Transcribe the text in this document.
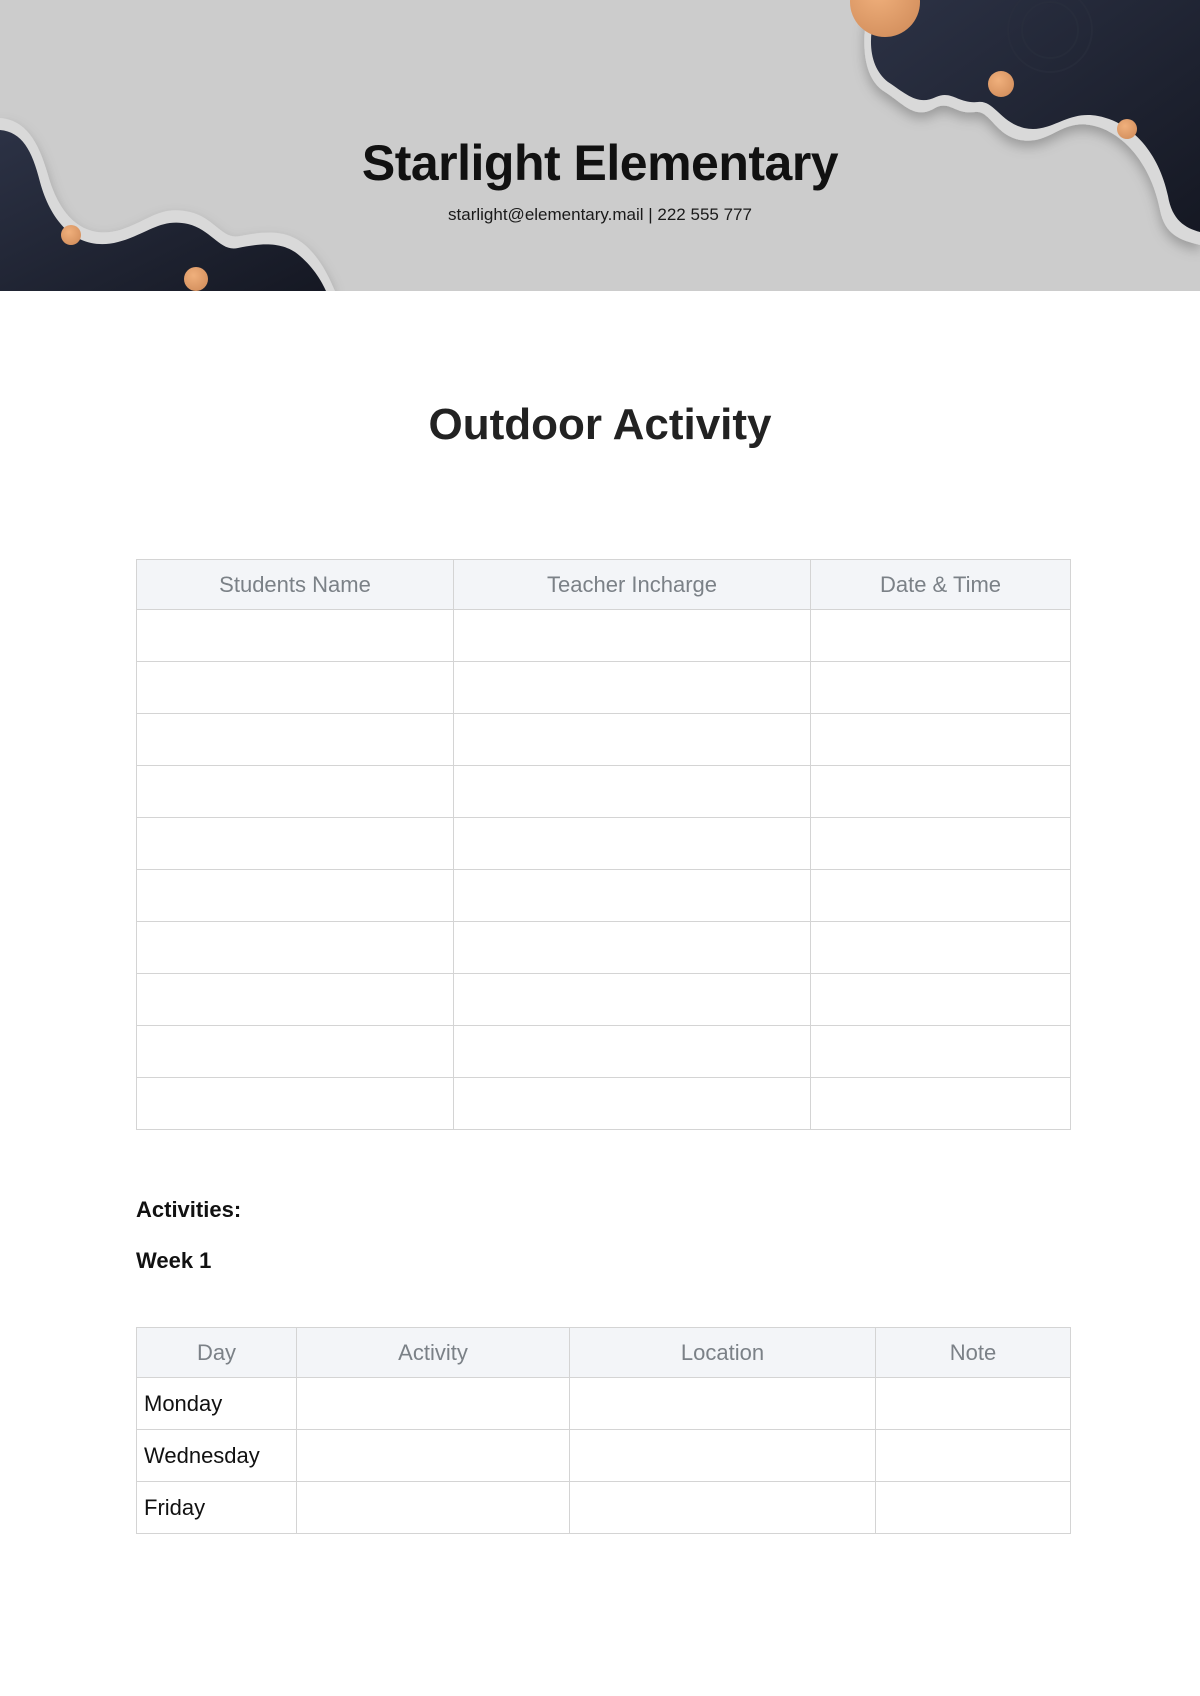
Starlight Elementary
starlight@elementary.mail | 222 555 777
Outdoor Activity
Students Name	Teacher Incharge	Date & Time

Activities:
Week 1
Day	Activity	Location	Note
Monday			
Wednesday			
Friday			
